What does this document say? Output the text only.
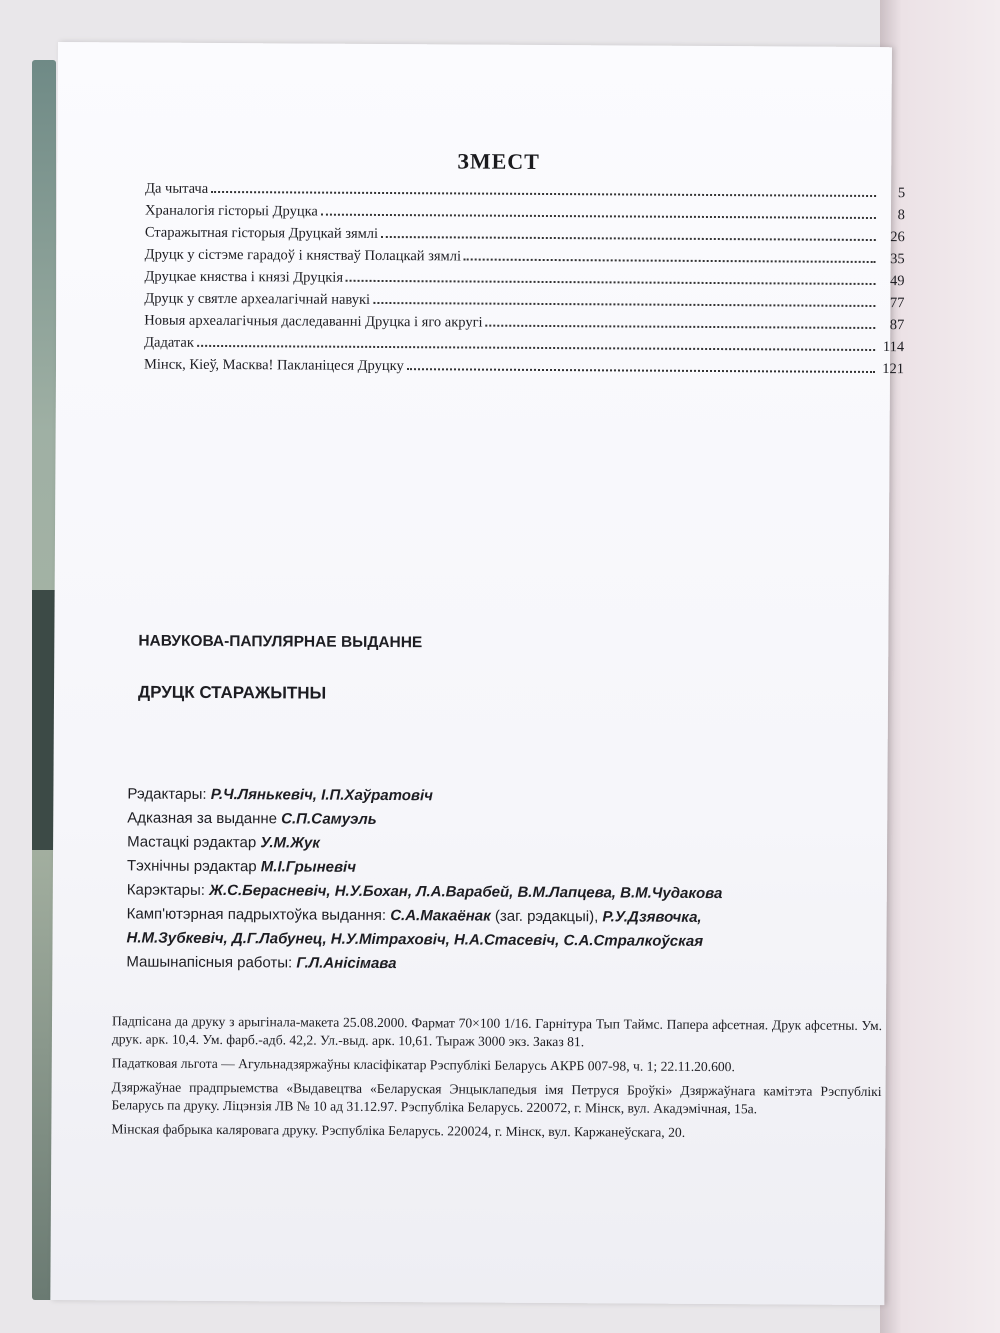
ЗМЕСТ
Да чытача	5
Храналогія гісторыі Друцка	8
Старажытная гісторыя Друцкай зямлі	26
Друцк у сістэме гарадоў і княстваў Полацкай зямлі	35
Друцкае княства і князі Друцкія	49
Друцк у святле археалагічнай навукі	77
Новыя археалагічныя даследаванні Друцка і яго акругі	87
Дадатак	114
Мінск, Кіеў, Масква! Пакланіцеся Друцку	121
НАВУКОВА-ПАПУЛЯРНАЕ ВЫДАННЕ
ДРУЦК СТАРАЖЫТНЫ
Рэдактары: Р.Ч.Лянькевіч, І.П.Хаўратовіч
Адказная за выданне С.П.Самуэль
Мастацкі рэдактар У.М.Жук
Тэхнічны рэдактар М.І.Грыневіч
Карэктары: Ж.С.Берасневіч, Н.У.Бохан, Л.А.Варабей, В.М.Лапцева, В.М.Чудакова
Камп'ютэрная падрыхтоўка выдання: С.А.Макаёнак (заг. рэдакцыі), Р.У.Дзявочка,
Н.М.Зубкевіч, Д.Г.Лабунец, Н.У.Мітраховіч, Н.А.Стасевіч, С.А.Стралкоўская
Машынапісныя работы: Г.Л.Анісімава
Падпісана да друку з арыгінала-макета 25.08.2000. Фармат 70×100 1/16. Гарнітура Тып Таймс. Папера афсетная. Друк афсетны. Ум. друк. арк. 10,4. Ум. фарб.-адб. 42,2. Ул.-выд. арк. 10,61. Тыраж 3000 экз. Заказ 81.
Падатковая льгота — Агульнадзяржаўны класіфікатар Рэспублікі Беларусь АКРБ 007-98, ч. 1; 22.11.20.600.
Дзяржаўнае прадпрыемства «Выдавецтва «Беларуская Энцыклапедыя імя Петруся Броўкі» Дзяржаўнага камітэта Рэспублікі Беларусь па друку. Ліцэнзія ЛВ № 10 ад 31.12.97. Рэспубліка Беларусь. 220072, г. Мінск, вул. Акадэмічная, 15а.
Мінская фабрыка каляровага друку. Рэспубліка Беларусь. 220024, г. Мінск, вул. Каржанеўскага, 20.
